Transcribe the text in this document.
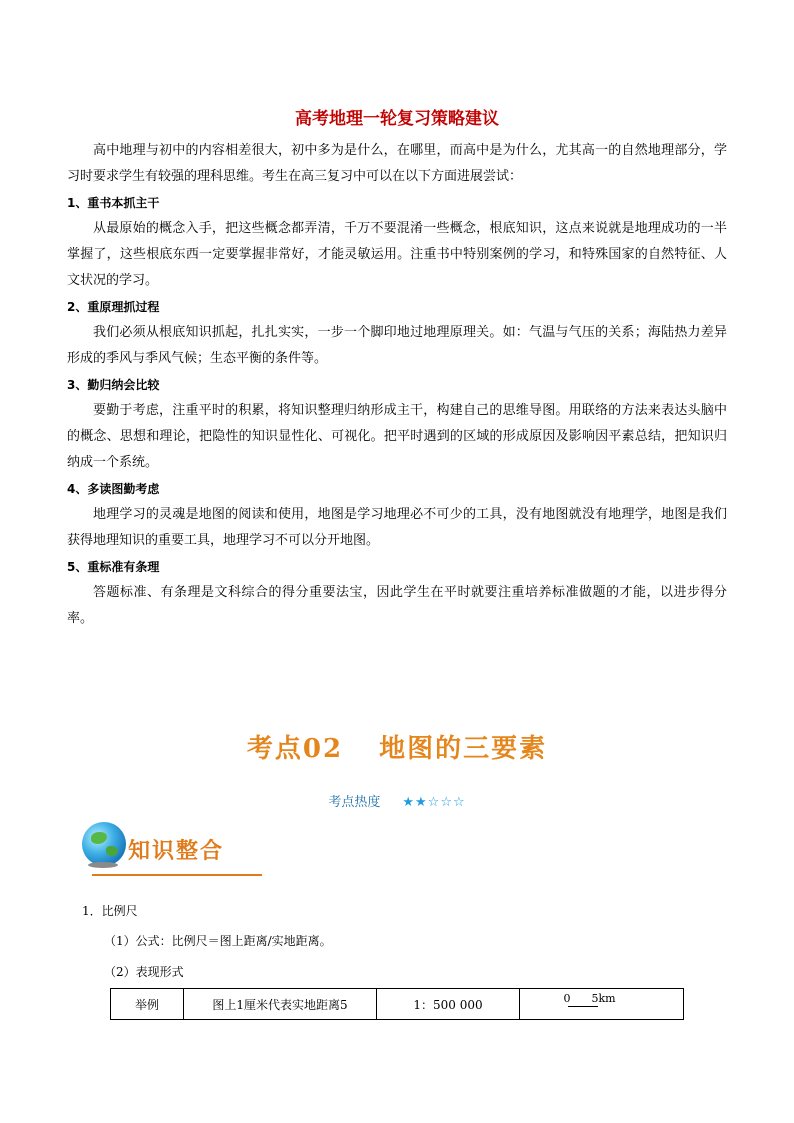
高考地理一轮复习策略建议

高中地理与初中的内容相差很大，初中多为是什么，在哪里，而高中是为什么，尤其高一的自然地理部分，学习时要求学生有较强的理科思维。考生在高三复习中可以在以下方面进展尝试：

1、重书本抓主干

从最原始的概念入手，把这些概念都弄清，千万不要混淆一些概念，根底知识，这点来说就是地理成功的一半掌握了，这些根底东西一定要掌握非常好，才能灵敏运用。注重书中特别案例的学习，和特殊国家的自然特征、人文状况的学习。

2、重原理抓过程

我们必须从根底知识抓起，扎扎实实，一步一个脚印地过地理原理关。如：气温与气压的关系；海陆热力差异形成的季风与季风气候；生态平衡的条件等。

3、勤归纳会比较

要勤于考虑，注重平时的积累，将知识整理归纳形成主干，构建自己的思维导图。用联络的方法来表达头脑中的概念、思想和理论，把隐性的知识显性化、可视化。把平时遇到的区域的形成原因及影响因平素总结，把知识归纳成一个系统。

4、多读图勤考虑

地理学习的灵魂是地图的阅读和使用，地图是学习地理必不可少的工具，没有地图就没有地理学，地图是我们获得地理知识的重要工具，地理学习不可以分开地图。

5、重标准有条理

答题标准、有条理是文科综合的得分重要法宝，因此学生在平时就要注重培养标准做题的才能，以进步得分率。

考点02 地图的三要素
考点热度 ★★☆☆☆
知识整合
1．比例尺
（1）公式：比例尺＝图上距离/实地距离。
（2）表现形式
举例	图上1厘米代表实地距离5	1：500 000	0 5km
